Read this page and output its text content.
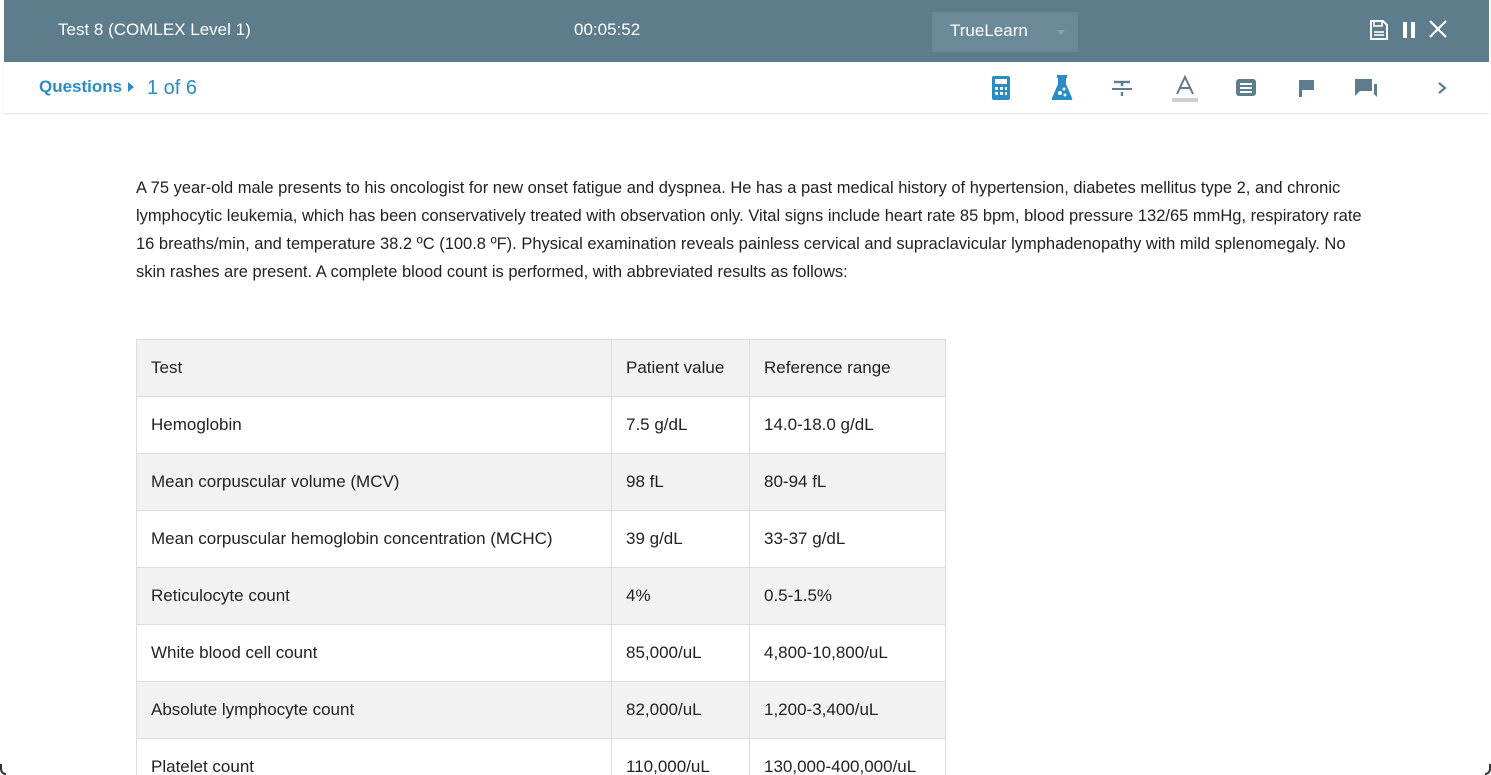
Test 8 (COMLEX Level 1)	00:05:52	TrueLearn
Questions 1 of 6

A 75 year-old male presents to his oncologist for new onset fatigue and dyspnea. He has a past medical history of hypertension, diabetes mellitus type 2, and chronic lymphocytic leukemia, which has been conservatively treated with observation only. Vital signs include heart rate 85 bpm, blood pressure 132/65 mmHg, respiratory rate 16 breaths/min, and temperature 38.2 ºC (100.8 ºF). Physical examination reveals painless cervical and supraclavicular lymphadenopathy with mild splenomegaly. No skin rashes are present. A complete blood count is performed, with abbreviated results as follows:

Test	Patient value	Reference range
Hemoglobin	7.5 g/dL	14.0-18.0 g/dL
Mean corpuscular volume (MCV)	98 fL	80-94 fL
Mean corpuscular hemoglobin concentration (MCHC)	39 g/dL	33-37 g/dL
Reticulocyte count	4%	0.5-1.5%
White blood cell count	85,000/uL	4,800-10,800/uL
Absolute lymphocyte count	82,000/uL	1,200-3,400/uL
Platelet count	110,000/uL	130,000-400,000/uL
